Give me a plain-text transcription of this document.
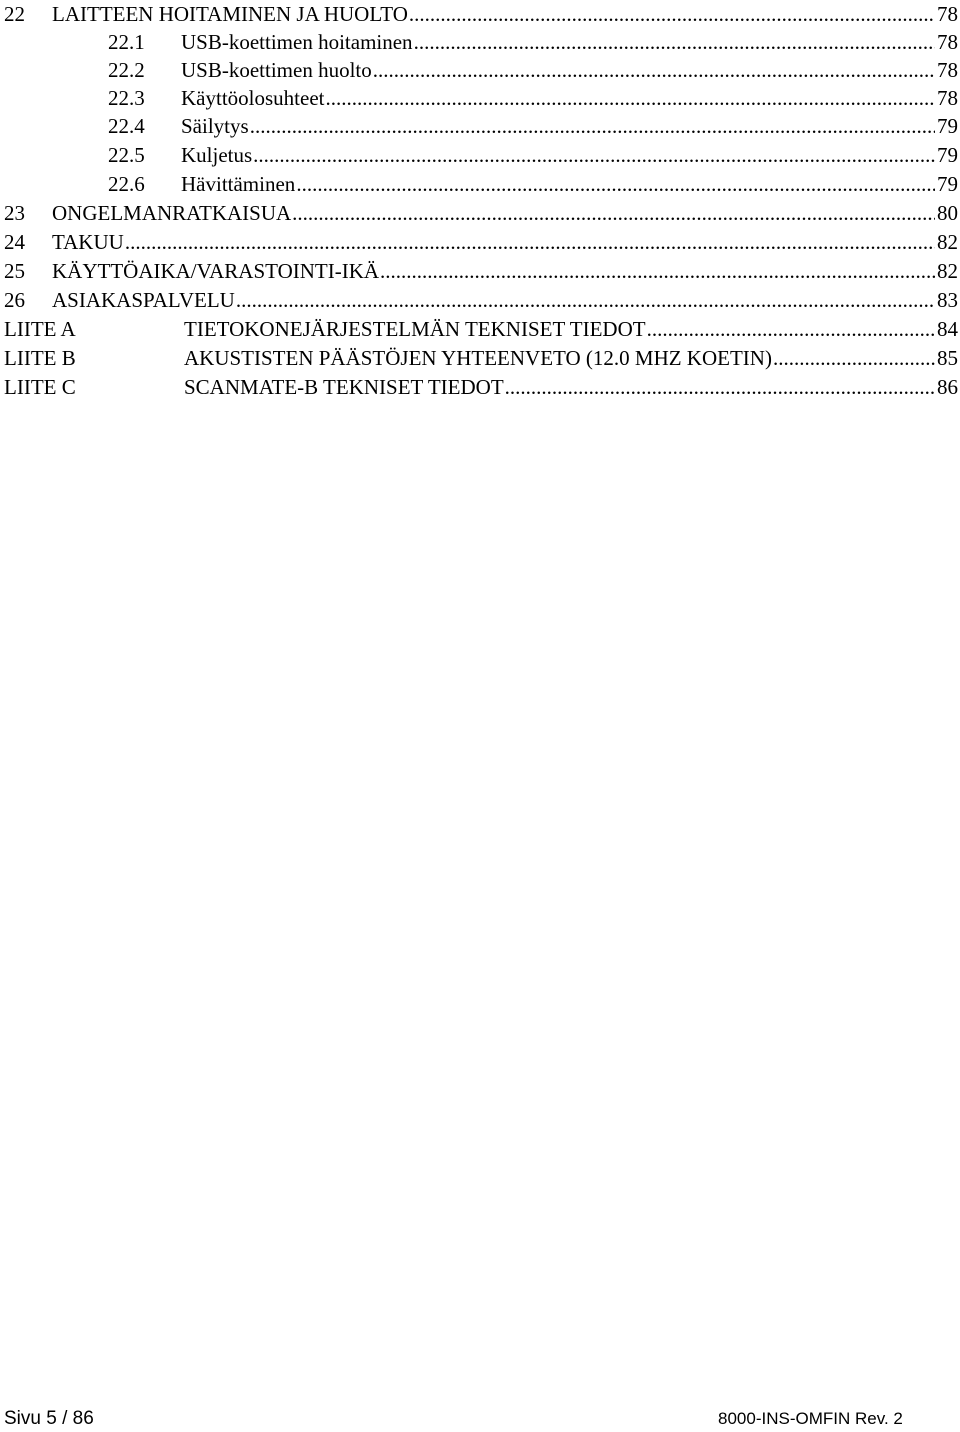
22 LAITTEEN HOITAMINEN JA HUOLTO .....	78
22.1 USB-koettimen hoitaminen .....	78
22.2 USB-koettimen huolto .....	78
22.3 Käyttöolosuhteet .....	78
22.4 Säilytys .....	79
22.5 Kuljetus .....	79
22.6 Hävittäminen .....	79
23 ONGELMANRATKAISUA .....	80
24 TAKUU .....	82
25 KÄYTTÖAIKA/VARASTOINTI-IKÄ .....	82
26 ASIAKASPALVELU .....	83
LIITE A	TIETOKONEJÄRJESTELMÄN TEKNISET TIEDOT .....	84
LIITE B	AKUSTISTEN PÄÄSTÖJEN YHTEENVETO (12.0 MHZ KOETIN) .....	85
LIITE C	SCANMATE-B TEKNISET TIEDOT .....	86
Sivu 5 / 86	8000-INS-OMFIN Rev. 2
